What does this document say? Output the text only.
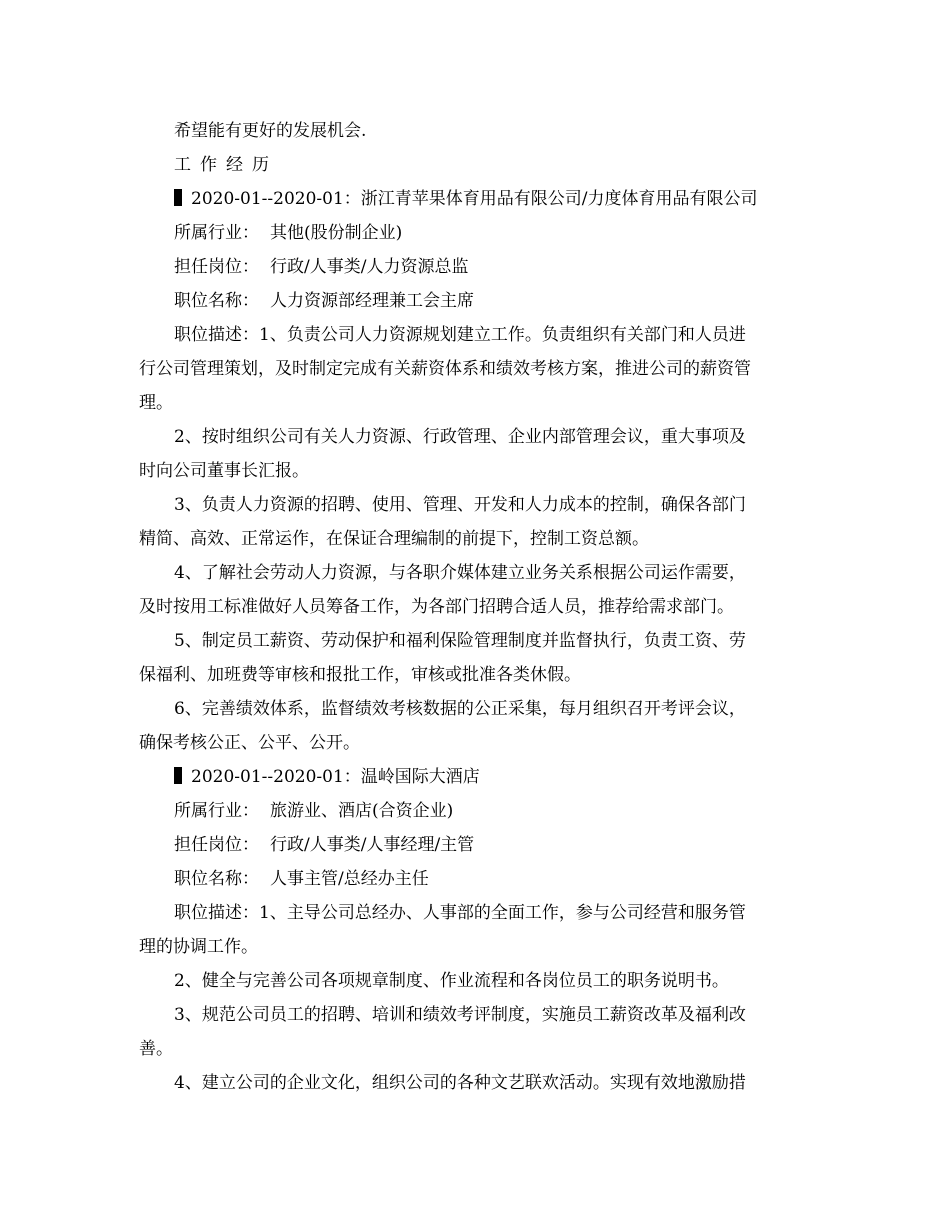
希望能有更好的发展机会.
工 作 经 历
2020-01--2020-01：浙江青苹果体育用品有限公司/力度体育用品有限公司
所属行业： 其他(股份制企业)
担任岗位： 行政/人事类/人力资源总监
职位名称： 人力资源部经理兼工会主席
职位描述：1、负责公司人力资源规划建立工作。负责组织有关部门和人员进
行公司管理策划，及时制定完成有关薪资体系和绩效考核方案，推进公司的薪资管
理。
2、按时组织公司有关人力资源、行政管理、企业内部管理会议，重大事项及
时向公司董事长汇报。
3、负责人力资源的招聘、使用、管理、开发和人力成本的控制，确保各部门
精简、高效、正常运作，在保证合理编制的前提下，控制工资总额。
4、了解社会劳动人力资源，与各职介媒体建立业务关系根据公司运作需要，
及时按用工标准做好人员筹备工作，为各部门招聘合适人员，推荐给需求部门。
5、制定员工薪资、劳动保护和福利保险管理制度并监督执行，负责工资、劳
保福利、加班费等审核和报批工作，审核或批准各类休假。
6、完善绩效体系，监督绩效考核数据的公正采集，每月组织召开考评会议，
确保考核公正、公平、公开。
2020-01--2020-01：温岭国际大酒店
所属行业： 旅游业、酒店(合资企业)
担任岗位： 行政/人事类/人事经理/主管
职位名称： 人事主管/总经办主任
职位描述：1、主导公司总经办、人事部的全面工作，参与公司经营和服务管
理的协调工作。
2、健全与完善公司各项规章制度、作业流程和各岗位员工的职务说明书。
3、规范公司员工的招聘、培训和绩效考评制度，实施员工薪资改革及福利改
善。
4、建立公司的企业文化，组织公司的各种文艺联欢活动。实现有效地激励措
